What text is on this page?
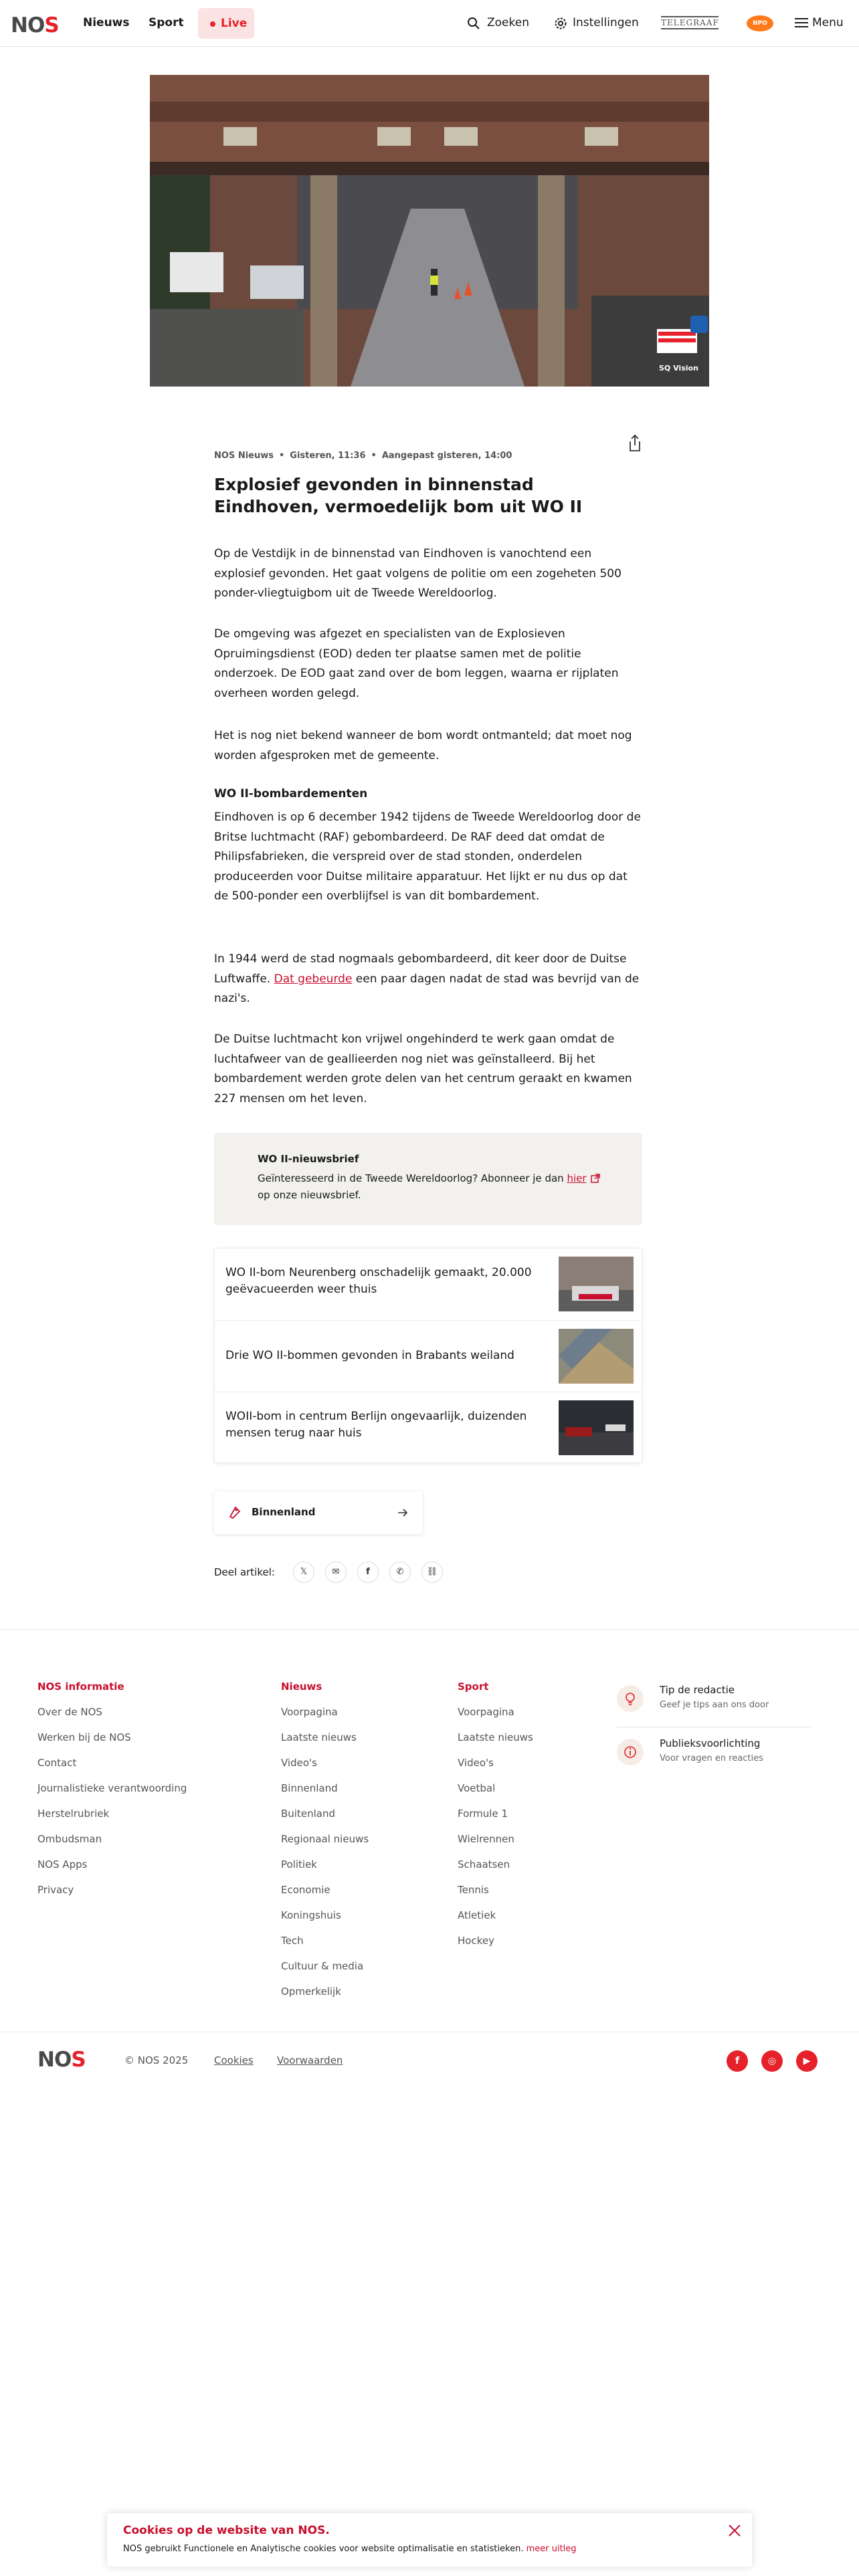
NOS Nieuws Sport	Live	Zoeken	Instellingen	TELEGRAAF	NPO	Menu
SQ Vision
NOS Nieuws • Gisteren, 11:36 • Aangepast gisteren, 14:00
Explosief gevonden in binnenstad Eindhoven, vermoedelijk bom uit WO II

Op de Vestdijk in de binnenstad van Eindhoven is vanochtend een explosief gevonden. Het gaat volgens de politie om een zogeheten 500 ponder-vliegtuigbom uit de Tweede Wereldoorlog.

De omgeving was afgezet en specialisten van de Explosieven Opruimingsdienst (EOD) deden ter plaatse samen met de politie onderzoek. De EOD gaat zand over de bom leggen, waarna er rijplaten overheen worden gelegd.

Het is nog niet bekend wanneer de bom wordt ontmanteld; dat moet nog worden afgesproken met de gemeente.

WO II-bombardementen

Eindhoven is op 6 december 1942 tijdens de Tweede Wereldoorlog door de Britse luchtmacht (RAF) gebombardeerd. De RAF deed dat omdat de Philipsfabrieken, die verspreid over de stad stonden, onderdelen produceerden voor Duitse militaire apparatuur. Het lijkt er nu dus op dat de 500-ponder een overblijfsel is van dit bombardement.

In 1944 werd de stad nogmaals gebombardeerd, dit keer door de Duitse Luftwaffe. Dat gebeurde een paar dagen nadat de stad was bevrijd van de nazi's.

De Duitse luchtmacht kon vrijwel ongehinderd te werk gaan omdat de luchtafweer van de geallieerden nog niet was geïnstalleerd. Bij het bombardement werden grote delen van het centrum geraakt en kwamen 227 mensen om het leven.

WO II-nieuwsbrief
Geïnteresseerd in de Tweede Wereldoorlog? Abonneer je dan hier op onze nieuwsbrief.
WO II-bom Neurenberg onschadelijk gemaakt, 20.000 geëvacueerden weer thuis
Drie WO II-bommen gevonden in Brabants weiland
WOII-bom in centrum Berlijn ongevaarlijk, duizenden mensen terug naar huis
Binnenland
Deel artikel:	𝕏	✉	f	✆	⛓
NOS informatie
Over de NOS
Werken bij de NOS
Contact
Journalistieke verantwoording
Herstelrubriek
Ombudsman
NOS Apps
Privacy
Nieuws
Voorpagina
Laatste nieuws
Video's
Binnenland
Buitenland
Regionaal nieuws
Politiek
Economie
Koningshuis
Tech
Cultuur & media
Opmerkelijk
Sport
Voorpagina
Laatste nieuws
Video's
Voetbal
Formule 1
Wielrennen
Schaatsen
Tennis
Atletiek
Hockey
Tip de redactie
Geef je tips aan ons door
Publieksvoorlichting
Voor vragen en reacties
NOS	© NOS 2025	Cookies Voorwaarden	f	◎	▶
Cookies op de website van NOS.
NOS gebruikt Functionele en Analytische cookies voor website optimalisatie en statistieken. meer uitleg
